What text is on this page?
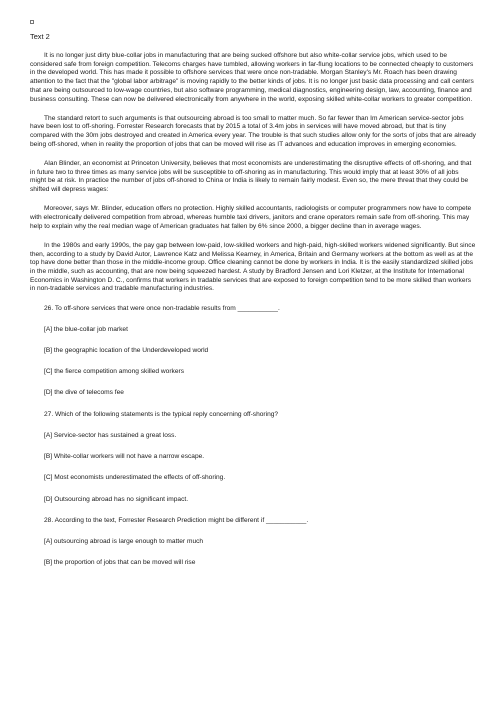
Text 2

It is no longer just dirty blue-collar jobs in manufacturing that are being sucked offshore but also white-collar service jobs, which used to be considered safe from foreign competition. Telecoms charges have tumbled, allowing workers in far-flung locations to be connected cheaply to customers in the developed world. This has made it possible to offshore services that were once non-tradable. Morgan Stanley's Mr. Roach has been drawing attention to the fact that the "global labor arbitrage" is moving rapidly to the better kinds of jobs. It is no longer just basic data processing and call centers that are being outsourced to low-wage countries, but also software programming, medical diagnostics, engineering design, law, accounting, finance and business consulting. These can now be delivered electronically from anywhere in the world, exposing skilled white-collar workers to greater competition.

The standard retort to such arguments is that outsourcing abroad is too small to matter much. So far fewer than Im American service-sector jobs have been lost to off-shoring. Forrester Research forecasts that by 2015 a total of 3.4m jobs in services will have moved abroad, but that is tiny compared with the 30m jobs destroyed and created in America every year. The trouble is that such studies allow only for the sorts of jobs that are already being off-shored, when in reality the proportion of jobs that can be moved will rise as IT advances and education improves in emerging economies.

Alan Blinder, an economist at Princeton University, believes that most economists are underestimating the disruptive effects of off-shoring, and that in future two to three times as many service jobs will be susceptible to off-shoring as in manufacturing. This would imply that at least 30% of all jobs might be at risk. In practice the number of jobs off-shored to China or India is likely to remain fairly modest. Even so, the mere threat that they could be shifted will depress wages:

Moreover, says Mr. Blinder, education offers no protection. Highly skilled accountants, radiologists or computer programmers now have to compete with electronically delivered competition from abroad, whereas humble taxi drivers, janitors and crane operators remain safe from off-shoring. This may help to explain why the real median wage of American graduates hat fallen by 6% since 2000, a bigger decline than in average wages.

In the 1980s and early 1990s, the pay gap between low-paid, low-skilled workers and high-paid, high-skilled workers widened significantly. But since then, according to a study by David Autor, Lawrence Katz and Melissa Kearney, in America, Britain and Germany workers at the bottom as well as at the top have done better than those in the middle-income group. Office cleaning cannot be done by workers in India. It is the easily standardized skilled jobs in the middle, such as accounting, that are now being squeezed hardest. A study by Bradford Jensen and Lori Kletzer, at the Institute for International Economics in Washington D. C., confirms that workers in tradable services that are exposed to foreign competition tend to be more skilled than workers in non-tradable services and tradable manufacturing industries.

26. To off-shore services that were once non-tradable results from ___________.

[A] the blue-collar job market

[B] the geographic location of the Underdeveloped world

[C] the fierce competition among skilled workers

[D] the dive of telecoms fee

27. Which of the following statements is the typical reply concerning off-shoring?

[A] Service-sector has sustained a great loss.

[B] White-collar workers will not have a narrow escape.

[C] Most economists underestimated the effects of off-shoring.

[D] Outsourcing abroad has no significant impact.

28. According to the text, Forrester Research Prediction might be different if ___________.

[A] outsourcing abroad is large enough to matter much

[B] the proportion of jobs that can be moved will rise
